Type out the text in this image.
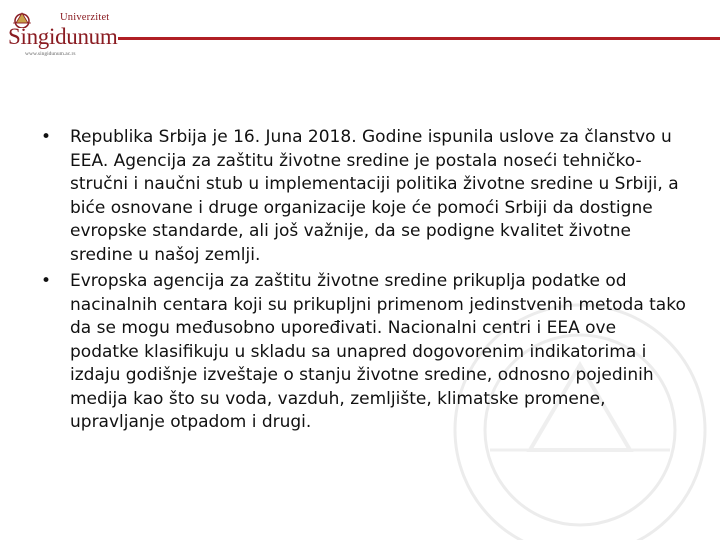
Univerzitet
Singidunum
www.singidunum.ac.rs
• Republika Srbija je 16. Juna 2018. Godine ispunila uslove za članstvo u EEA. Agencija za zaštitu životne sredine je postala noseći tehničko-stručni i naučni stub u implementaciji politika životne sredine u Srbiji, a biće osnovane i druge organizacije koje će pomoći Srbiji da dostigne evropske standarde, ali još važnije, da se podigne kvalitet životne sredine u našoj zemlji.
• Evropska agencija za zaštitu životne sredine prikuplja podatke od nacinalnih centara koji su prikupljni primenom jedinstvenih metoda tako da se mogu međusobno upoređivati. Nacionalni centri i EEA ove podatke klasifikuju u skladu sa unapred dogovorenim indikatorima i izdaju godišnje izveštaje o stanju životne sredine, odnosno pojedinih medija kao što su voda, vazduh, zemljište, klimatske promene, upravljanje otpadom i drugi.
